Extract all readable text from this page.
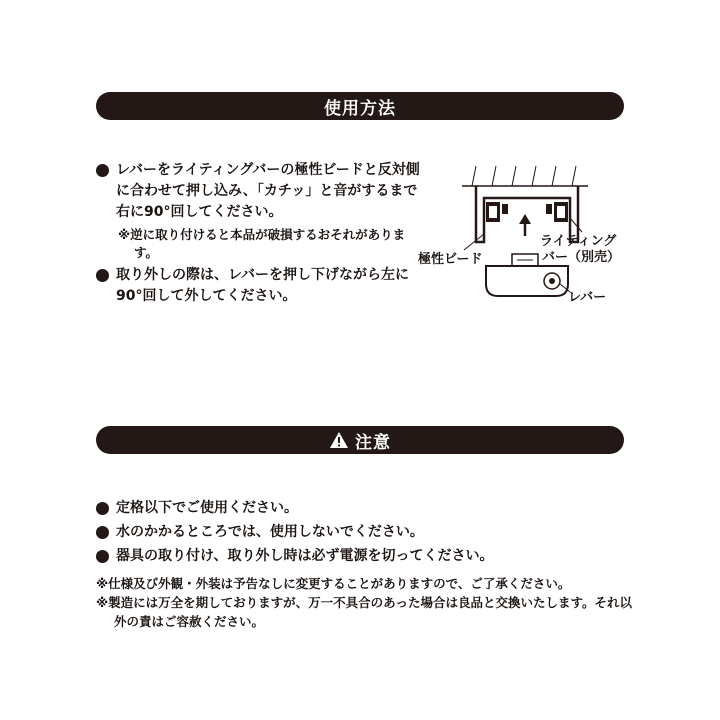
使用方法
レバーをライティングバーの極性ビードと反対側に合わせて押し込み、「カチッ」と音がするまで右に90°回してください。
※逆に取り付けると本品が破損するおそれがあります。
取り外しの際は、レバーを押し下げながら左に90°回して外してください。
極性ビード
ライティング
バー（別売）
レバー
注意
定格以下でご使用ください。
水のかかるところでは、使用しないでください。
器具の取り付け、取り外し時は必ず電源を切ってください。
※仕様及び外観・外装は予告なしに変更することがありますので、ご了承ください。
※製造には万全を期しておりますが、万一不具合のあった場合は良品と交換いたします。それ以外の責はご容赦ください。
